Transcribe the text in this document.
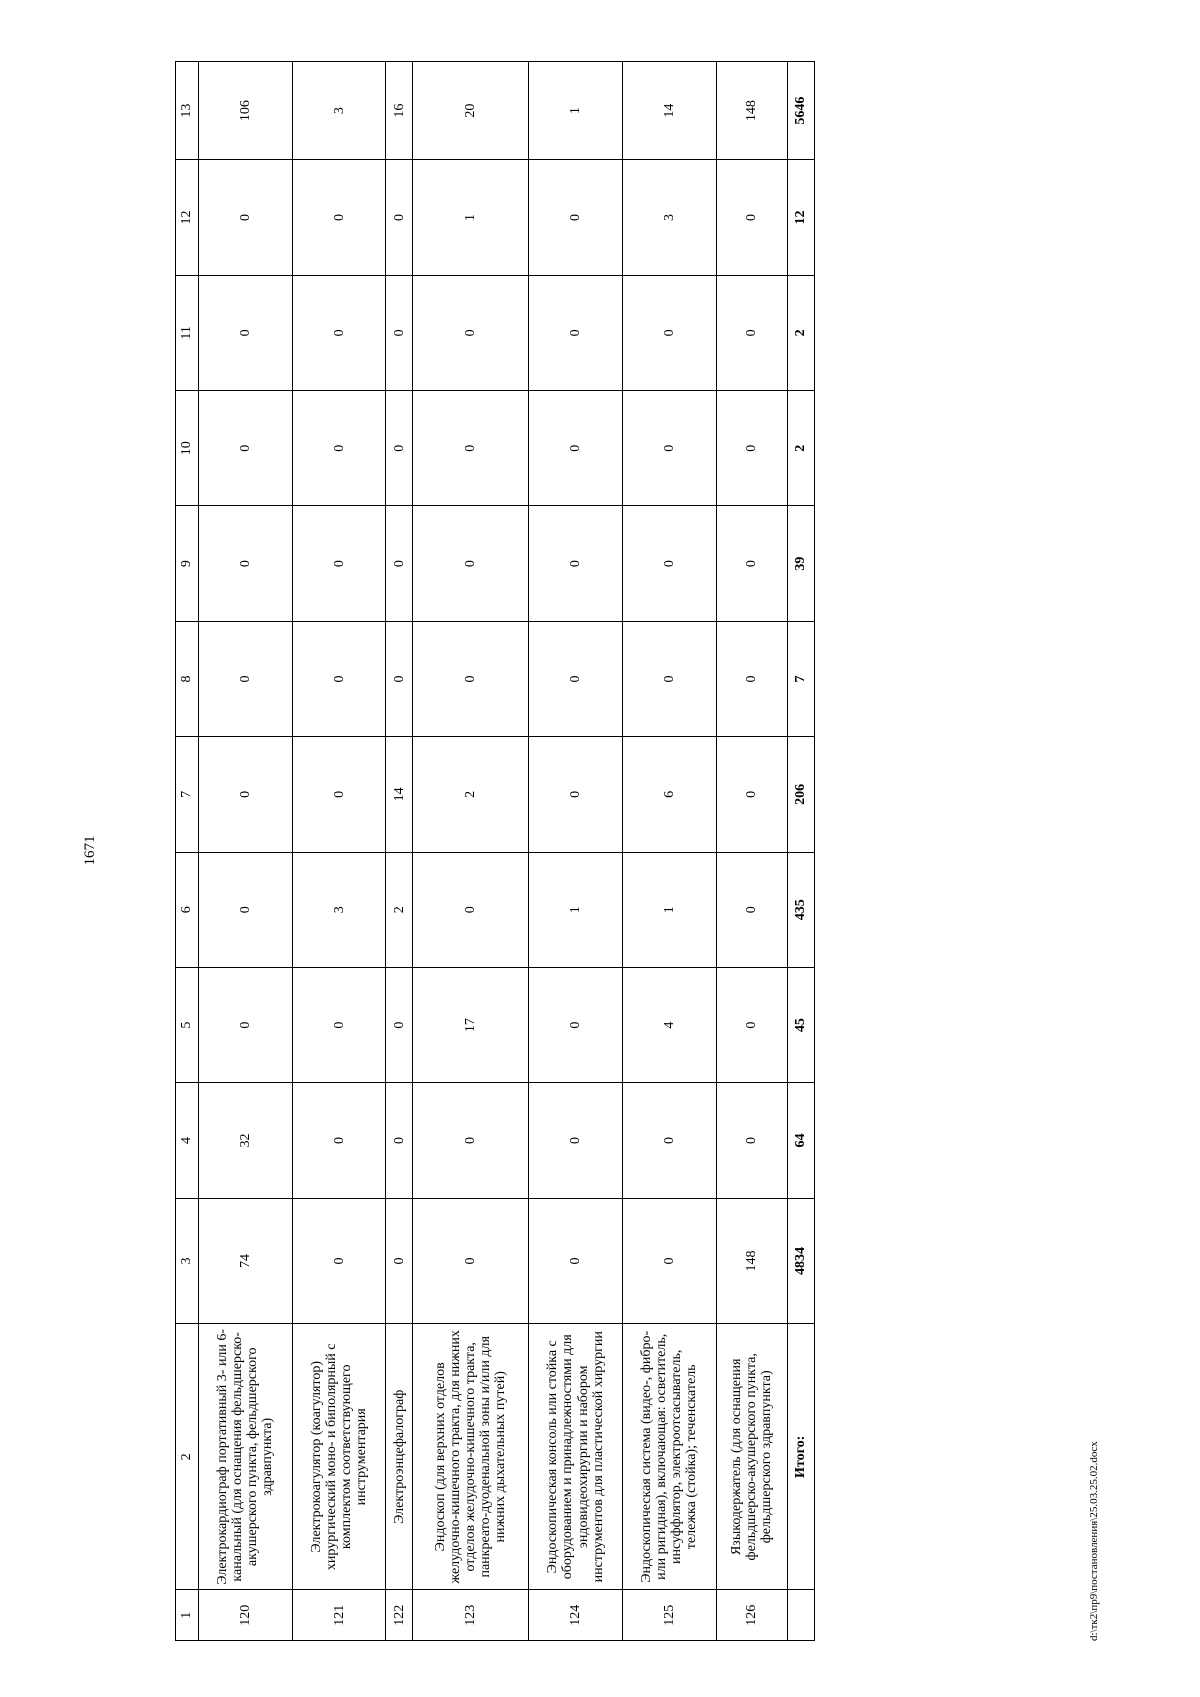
1671
1	2	3	4	5	6	7	8	9	10	11	12	13
120	Электрокардиограф портативный 3- или 6-канальный (для оснащения фельдшерско-акушерского пункта, фельдшерского здравпункта)	74	32	0	0	0	0	0	0	0	0	106
121	Электрокоагулятор (коагулятор) хирургический моно- и биполярный с комплектом соответствующего инструментария	0	0	0	3	0	0	0	0	0	0	3
122	Электроэнцефалограф	0	0	0	2	14	0	0	0	0	0	16
123	Эндоскоп (для верхних отделов желудочно-кишечного тракта, для нижних отделов желудочно-кишечного тракта, панкреато-дуоденальной зоны и/или для нижних дыхательных путей)	0	0	17	0	2	0	0	0	0	1	20
124	Эндоскопическая консоль или стойка с оборудованием и принадлежностями для эндовидеохирургии и набором инструментов для пластической хирургии	0	0	0	1	0	0	0	0	0	0	1
125	Эндоскопическая система (видео-, фибро- или ригидная), включающая: осветитель, инсуффлятор, электроотсасыватель, тележка (стойка); теченскатель	0	0	4	1	6	0	0	0	0	3	14
126	Языкодержатель (для оснащения фельдшерско-акушерского пункта, фельдшерского здравпункта)	148	0	0	0	0	0	0	0	0	0	148
	Итого:	4834	64	45	435	206	7	39	2	2	12	5646
d:\тк2\пр9\постановления\25.03.25.02.docx
